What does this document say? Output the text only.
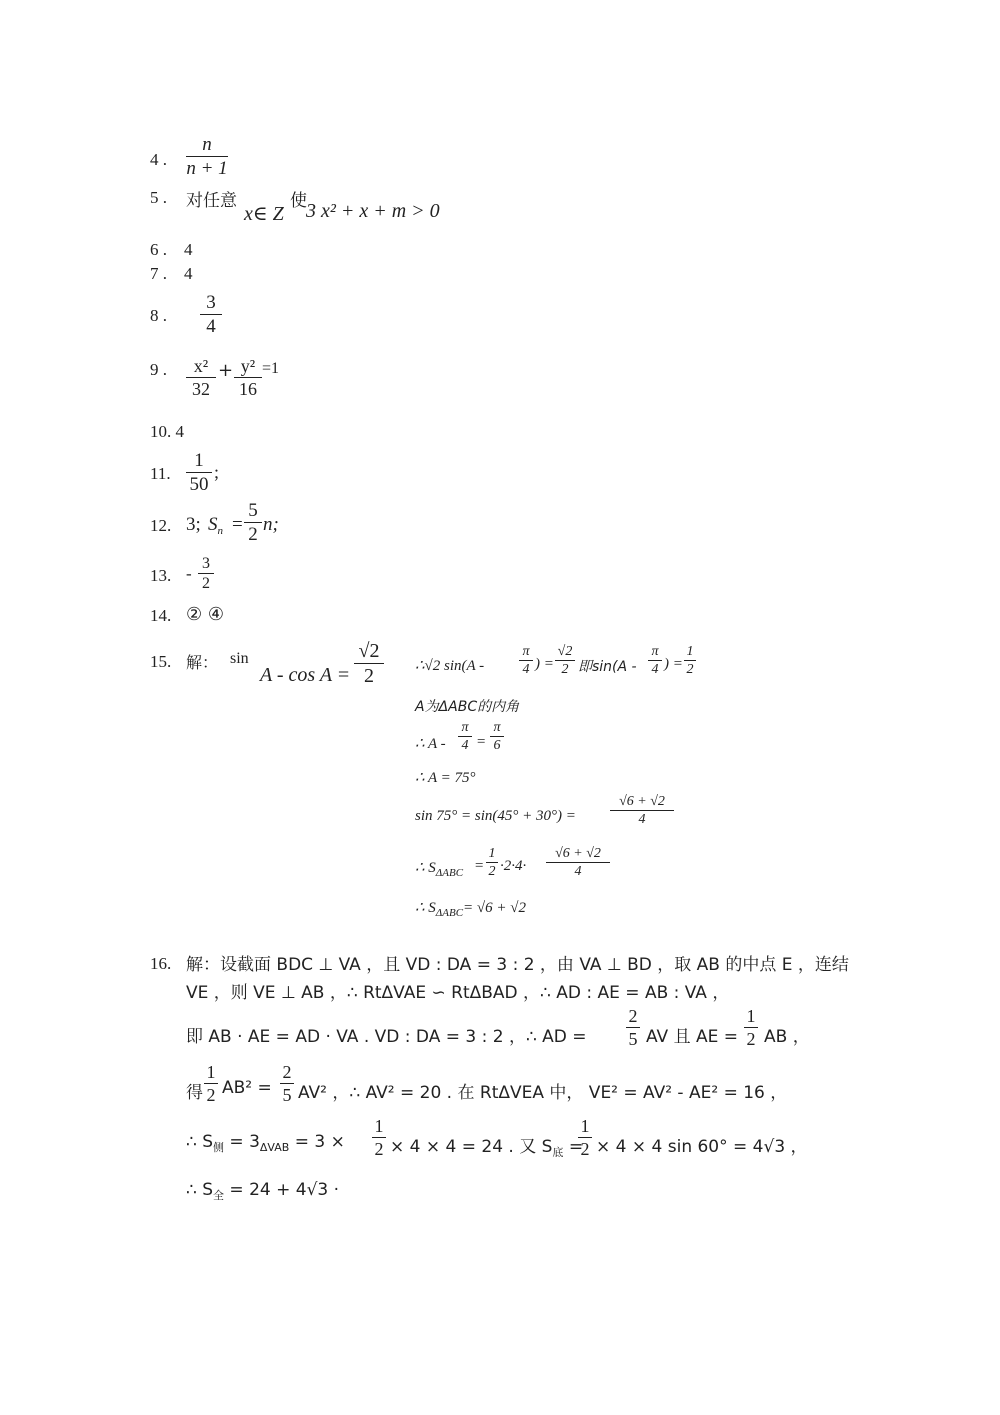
4 . $\frac{n}{n + 1}$
5 . 对任意
x∈ Z
使 3 x² + x + m > 0
6 . 4
7 . 4
8 . $\frac{3}{4}$
9 . $\frac{\text{x²}}{32} + \frac{\text{y²}}{16} =1$
10. 4
11. $\frac{1}{50}$ ;
12. 3; $S_n = \frac{5}{2} n$;
13. - $\frac{3}{2}$
14. ② ④
15. 解： sin
$A - \cos A = \frac{√2}{2}$ ∴√2 $\sin(A - \frac{\pi}{4}$ ) = $\frac{√2}{2}$ 即$\sin(A - \frac{\pi}{4}$ ) = $\frac{1}{2}$
A为ΔABC的内角
∴ $A - \frac{\pi}{4} = \frac{\pi}{6}$
∴ A = 75°
$\sin 75^\circ = \sin(45^\circ + 30^\circ) = \frac{√6 + √2}{4}$
∴ $S_{\Delta ABC} = \frac{1}{2} \cdot 2\cdot 4\cdot \frac{√6 + √2}{4}$
∴ $S_{\Delta ABC}= √6 + √2$
16. 解：设截面 BDC ⊥ VA ，且 VD : DA = 3 : 2 ，由 VA ⊥ BD ，取 AB 的中点 E ，连结
VE ，则 VE ⊥ AB ，∴ RtΔVAE ∽ RtΔBAD ，∴ AD : AE = AB : VA ，
即 AB · AE = AD · VA . VD : DA = 3 : 2 ，∴ AD = $\frac{2}{5}$ AV 且 AE = $\frac{1}{2}$ AB ，
得 $\frac{1}{2} AB^2 = \frac{2}{5} AV^2$ ，∴ AV² = 20 . 在 RtΔVEA 中， VE² = AV² - AE² = 16 ，
∴ $S_侧 = 3_{\Delta VAB} = 3 \times \frac{1}{2} \times 4 \times 4 = 24$ . 又 $S_底$ =
$\frac{1}{2} \times 4 \times 4$ sin 60° = 4√3 ，
∴ $S_全 = 24 + 4√3$ ·
